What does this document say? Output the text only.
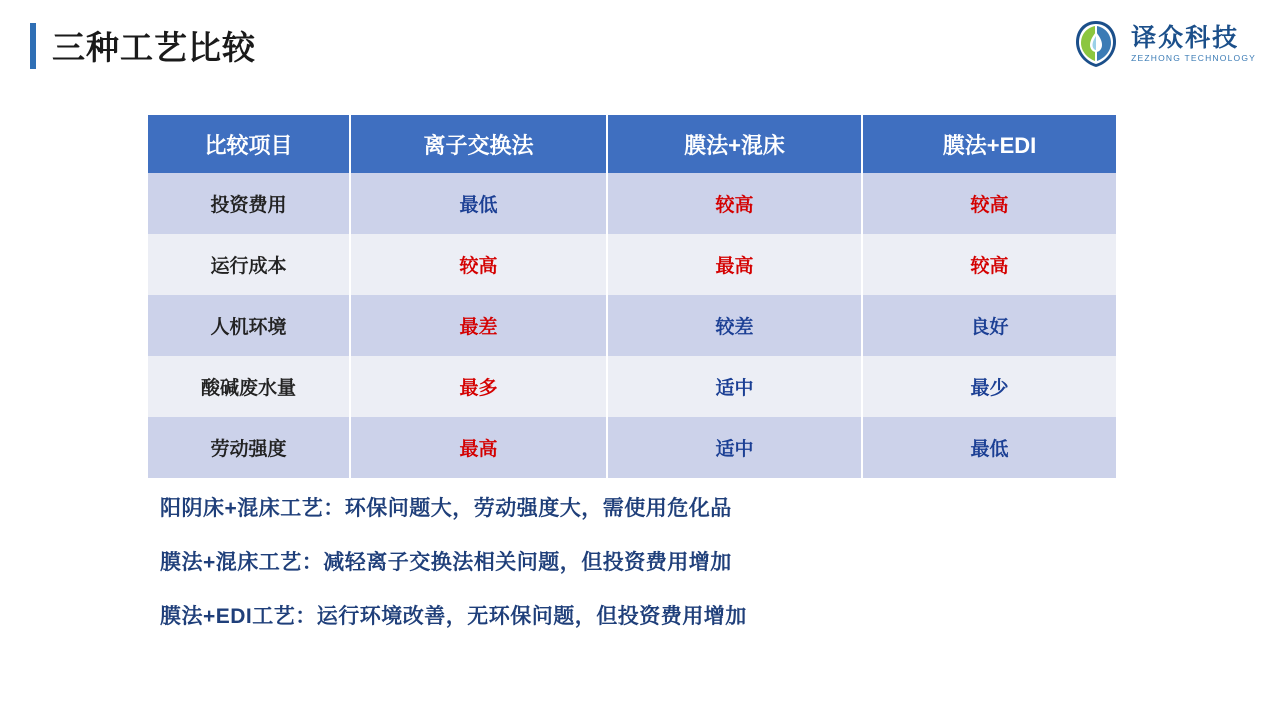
三种工艺比较	译众科技
ZEZHONG TECHNOLOGY
比较项目	离子交换法	膜法+混床	膜法+EDI
投资费用	最低	较高	较高
运行成本	较高	最高	较高
人机环境	最差	较差	良好
酸碱废水量	最多	适中	最少
劳动强度	最高	适中	最低
阳阴床+混床工艺：环保问题大，劳动强度大，需使用危化品
膜法+混床工艺：减轻离子交换法相关问题，但投资费用增加
膜法+EDI工艺：运行环境改善，无环保问题，但投资费用增加
